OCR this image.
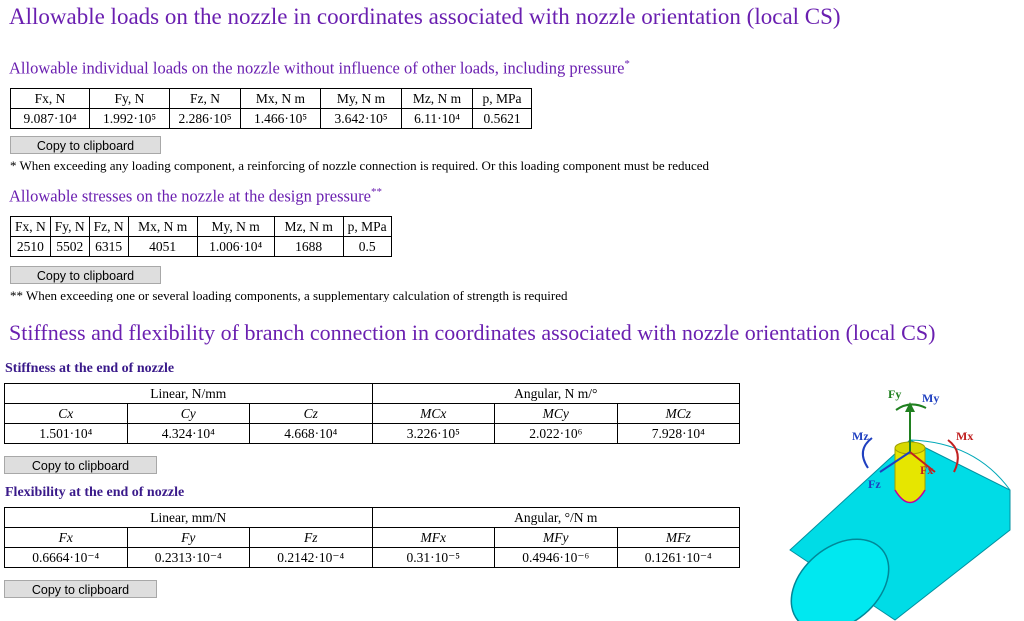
Allowable loads on the nozzle in coordinates associated with nozzle orientation (local CS)
Allowable individual loads on the nozzle without influence of other loads, including pressure*
Fx, N	Fy, N	Fz, N	Mx, N m	My, N m	Mz, N m	p, MPa
9.087·10⁴	1.992·10⁵	2.286·10⁵	1.466·10⁵	3.642·10⁵	6.11·10⁴	0.5621
Copy to clipboard
* When exceeding any loading component, a reinforcing of nozzle connection is required. Or this loading component must be reduced
Allowable stresses on the nozzle at the design pressure**
Fx, N	Fy, N	Fz, N	Mx, N m	My, N m	Mz, N m	p, MPa
2510	5502	6315	4051	1.006·10⁴	1688	0.5
Copy to clipboard
** When exceeding one or several loading components, a supplementary calculation of strength is required
Stiffness and flexibility of branch connection in coordinates associated with nozzle orientation (local CS)
Stiffness at the end of nozzle
Linear, N/mm			Angular, N m/°		
Cx	Cy	Cz	MCx	MCy	MCz
1.501·10⁴	4.324·10⁴	4.668·10⁴	3.226·10⁵	2.022·10⁶	7.928·10⁴
Copy to clipboard
Flexibility at the end of nozzle
Linear, mm/N			Angular, °/N m		
Fx	Fy	Fz	MFx	MFy	MFz
0.6664·10⁻⁴	0.2313·10⁻⁴	0.2142·10⁻⁴	0.31·10⁻⁵	0.4946·10⁻⁶	0.1261·10⁻⁴
Copy to clipboard
Fy My
Mz	Mx
Fx
Fz
